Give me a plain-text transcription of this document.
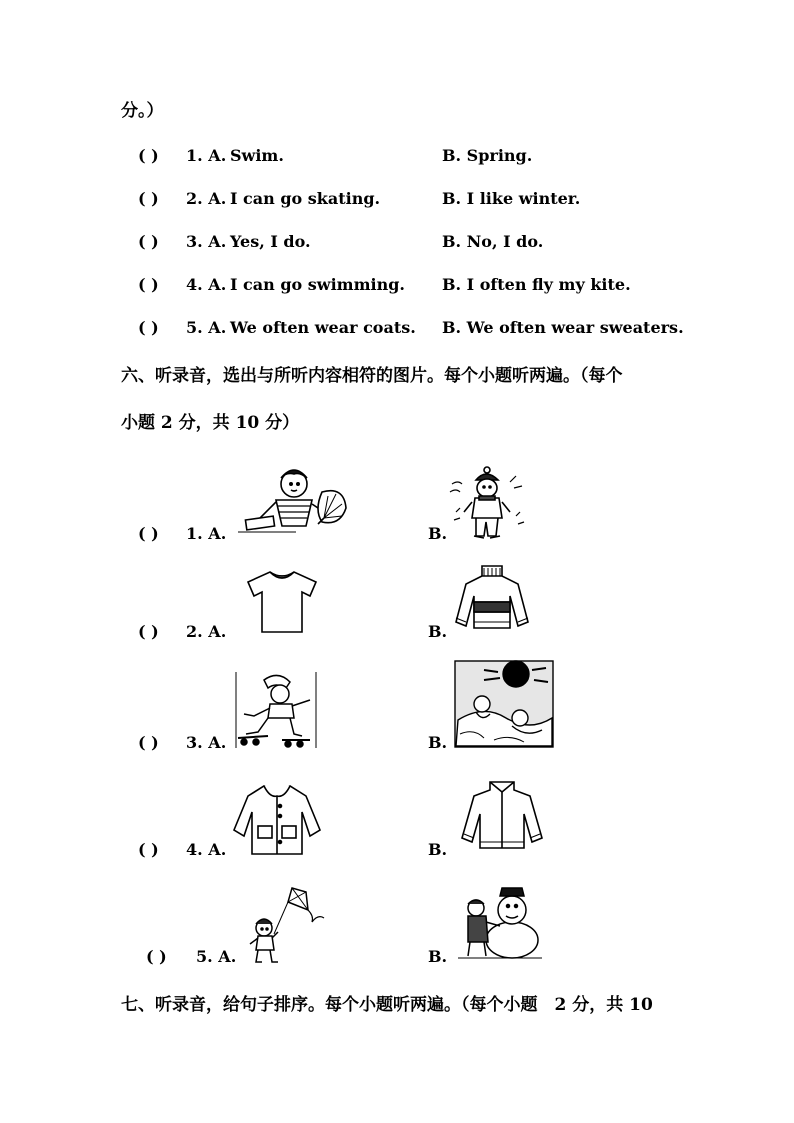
分。）
( ) 1. A. Swim.	B. Spring.
( ) 2. A. I can go skating.	B. I like winter.
( ) 3. A. Yes, I do.	B. No, I do.
( ) 4. A. I can go swimming. B. I often fly my kite.
( ) 5. A. We often wear coats. B. We often wear sweaters.
六、听录音，选出与所听内容相符的图片。每个小题听两遍。（每个
小题 2 分，共 10 分）
( ) 1. A.	B.
( ) 2. A.	B.
( ) 3. A.	B.
( ) 4. A.	B.
( ) 5. A.	B.
七、听录音，给句子排序。每个小题听两遍。（每个小题　2 分，共 10
